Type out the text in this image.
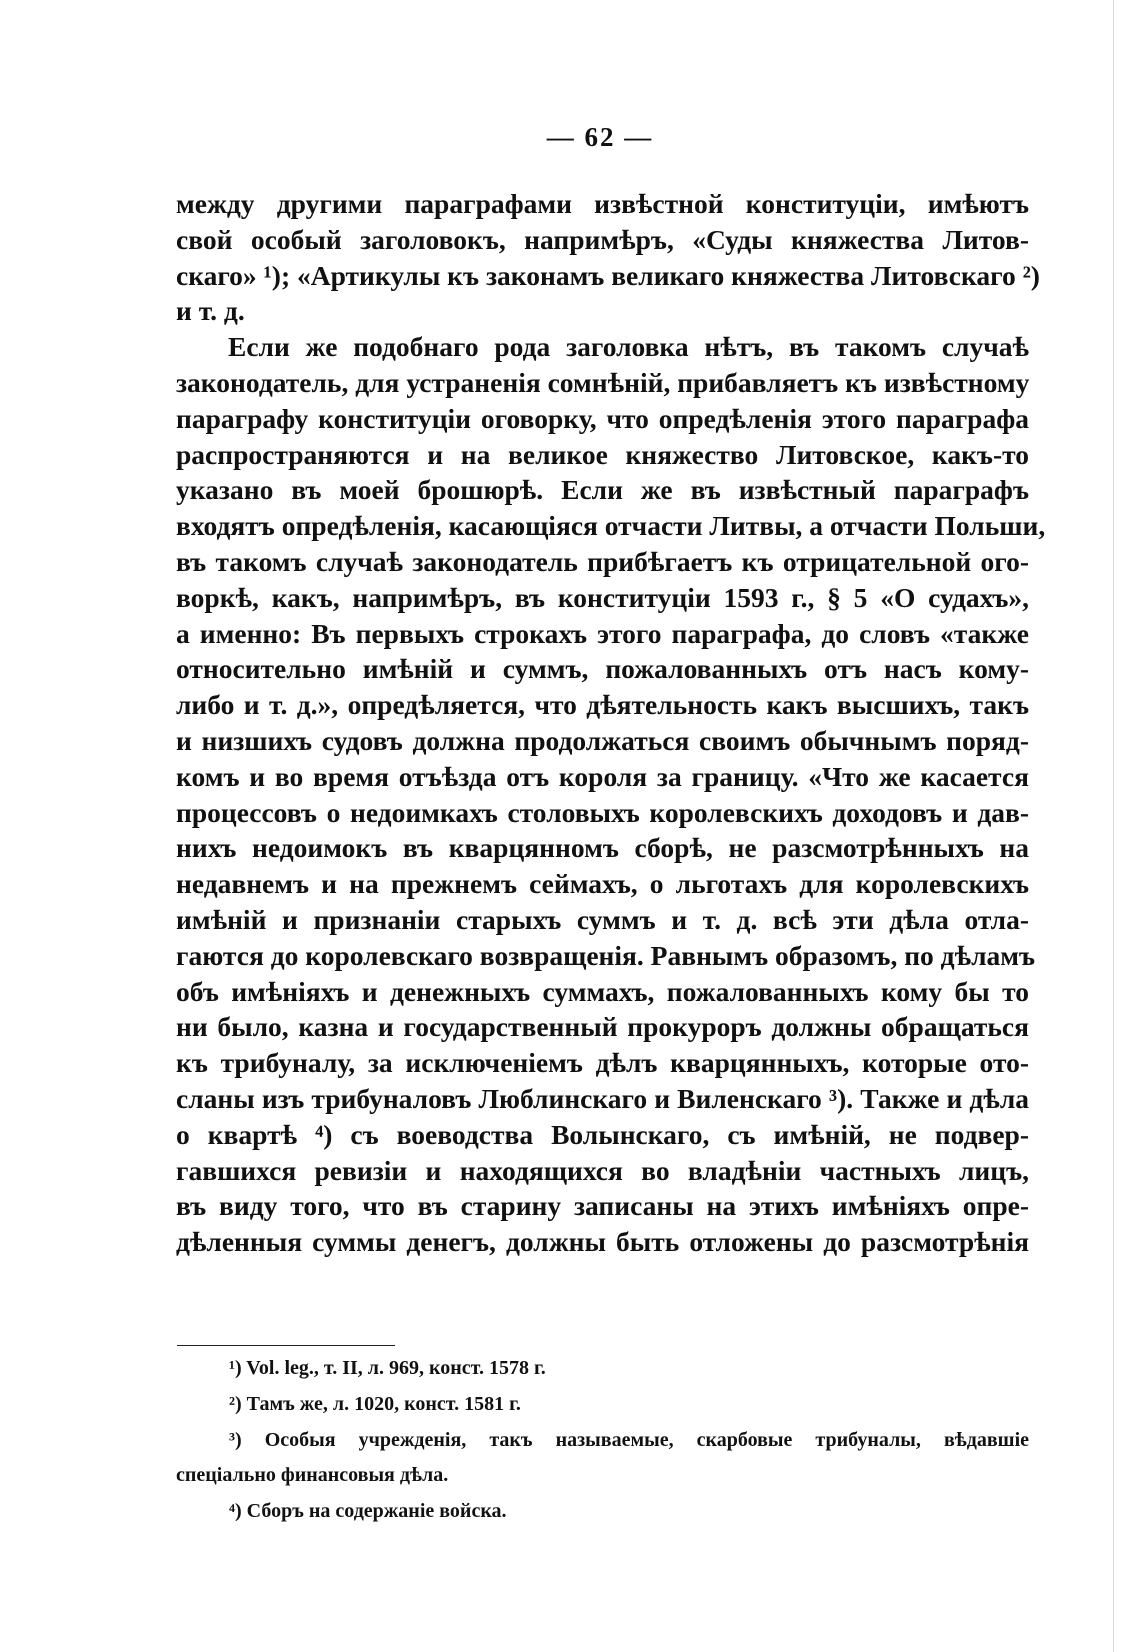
— 62 —
между другими параграфами извѣстной конституціи, имѣютъ
свой особый заголовокъ, напримѣръ, «Суды княжества Литов-
скаго» ¹); «Артикулы къ законамъ великаго княжества Литовскаго ²)
и т. д.
Если же подобнаго рода заголовка нѣтъ, въ такомъ случаѣ
законодатель, для устраненія сомнѣній, прибавляетъ къ извѣстному
параграфу конституціи оговорку, что опредѣленія этого параграфа
распространяются и на великое княжество Литовское, какъ-то
указано въ моей брошюрѣ. Если же въ извѣстный параграфъ
входятъ опредѣленія, касающіяся отчасти Литвы, а отчасти Польши,
въ такомъ случаѣ законодатель прибѣгаетъ къ отрицательной ого-
воркѣ, какъ, напримѣръ, въ конституціи 1593 г., § 5 «О судахъ»,
а именно: Въ первыхъ строкахъ этого параграфа, до словъ «также
относительно имѣній и суммъ, пожалованныхъ отъ насъ кому-
либо и т. д.», опредѣляется, что дѣятельность какъ высшихъ, такъ
и низшихъ судовъ должна продолжаться своимъ обычнымъ поряд-
комъ и во время отъѣзда отъ короля за границу. «Что же касается
процессовъ о недоимкахъ столовыхъ королевскихъ доходовъ и дав-
нихъ недоимокъ въ кварцянномъ сборѣ, не разсмотрѣнныхъ на
недавнемъ и на прежнемъ сеймахъ, о льготахъ для королевскихъ
имѣній и признаніи старыхъ суммъ и т. д. всѣ эти дѣла отла-
гаются до королевскаго возвращенія. Равнымъ образомъ, по дѣламъ
объ имѣніяхъ и денежныхъ суммахъ, пожалованныхъ кому бы то
ни было, казна и государственный прокуроръ должны обращаться
къ трибуналу, за исключеніемъ дѣлъ кварцянныхъ, которые ото-
сланы изъ трибуналовъ Люблинскаго и Виленскаго ³). Также и дѣла
о квартѣ ⁴) съ воеводства Волынскаго, съ имѣній, не подвер-
гавшихся ревизіи и находящихся во владѣніи частныхъ лицъ,
въ виду того, что въ старину записаны на этихъ имѣніяхъ опре-
дѣленныя суммы денегъ, должны быть отложены до разсмотрѣнія
¹) Vol. leg., т. II, л. 969, конст. 1578 г.
²) Тамъ же, л. 1020, конст. 1581 г.
³) Особыя учрежденія, такъ называемые, скарбовые трибуналы, вѣдавшіе
спеціально финансовыя дѣла.
⁴) Сборъ на содержаніе войска.
